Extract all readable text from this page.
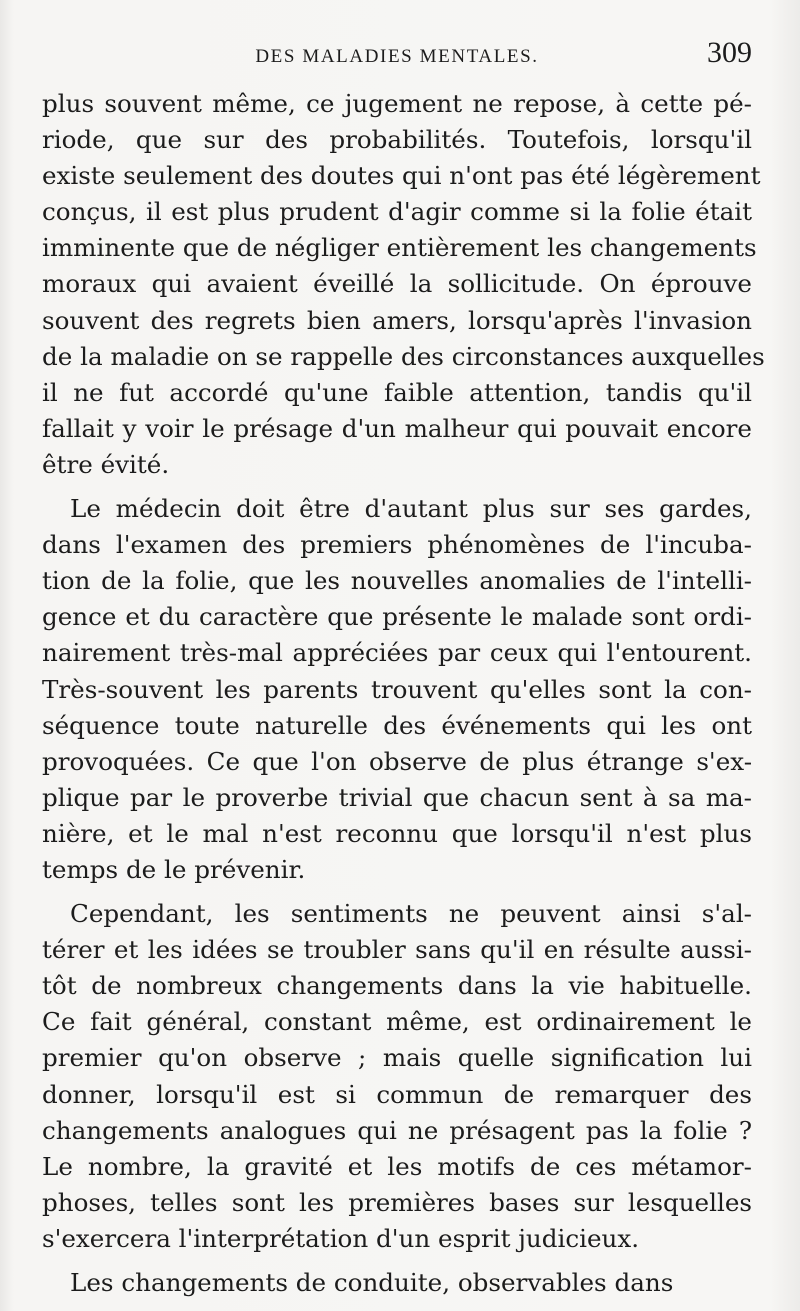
DES MALADIES MENTALES.	309

plus souvent même, ce jugement ne repose, à cette pé-
riode, que sur des probabilités. Toutefois, lorsqu'il
existe seulement des doutes qui n'ont pas été légèrement
conçus, il est plus prudent d'agir comme si la folie était
imminente que de négliger entièrement les changements
moraux qui avaient éveillé la sollicitude. On éprouve
souvent des regrets bien amers, lorsqu'après l'invasion
de la maladie on se rappelle des circonstances auxquelles
il ne fut accordé qu'une faible attention, tandis qu'il
fallait y voir le présage d'un malheur qui pouvait encore
être évité.

Le médecin doit être d'autant plus sur ses gardes,
dans l'examen des premiers phénomènes de l'incuba-
tion de la folie, que les nouvelles anomalies de l'intelli-
gence et du caractère que présente le malade sont ordi-
nairement très-mal appréciées par ceux qui l'entourent.
Très-souvent les parents trouvent qu'elles sont la con-
séquence toute naturelle des événements qui les ont
provoquées. Ce que l'on observe de plus étrange s'ex-
plique par le proverbe trivial que chacun sent à sa ma-
nière, et le mal n'est reconnu que lorsqu'il n'est plus
temps de le prévenir.

Cependant, les sentiments ne peuvent ainsi s'al-
térer et les idées se troubler sans qu'il en résulte aussi-
tôt de nombreux changements dans la vie habituelle.
Ce fait général, constant même, est ordinairement le
premier qu'on observe ; mais quelle signification lui
donner, lorsqu'il est si commun de remarquer des
changements analogues qui ne présagent pas la folie ?
Le nombre, la gravité et les motifs de ces métamor-
phoses, telles sont les premières bases sur lesquelles
s'exercera l'interprétation d'un esprit judicieux.

Les changements de conduite, observables dans
